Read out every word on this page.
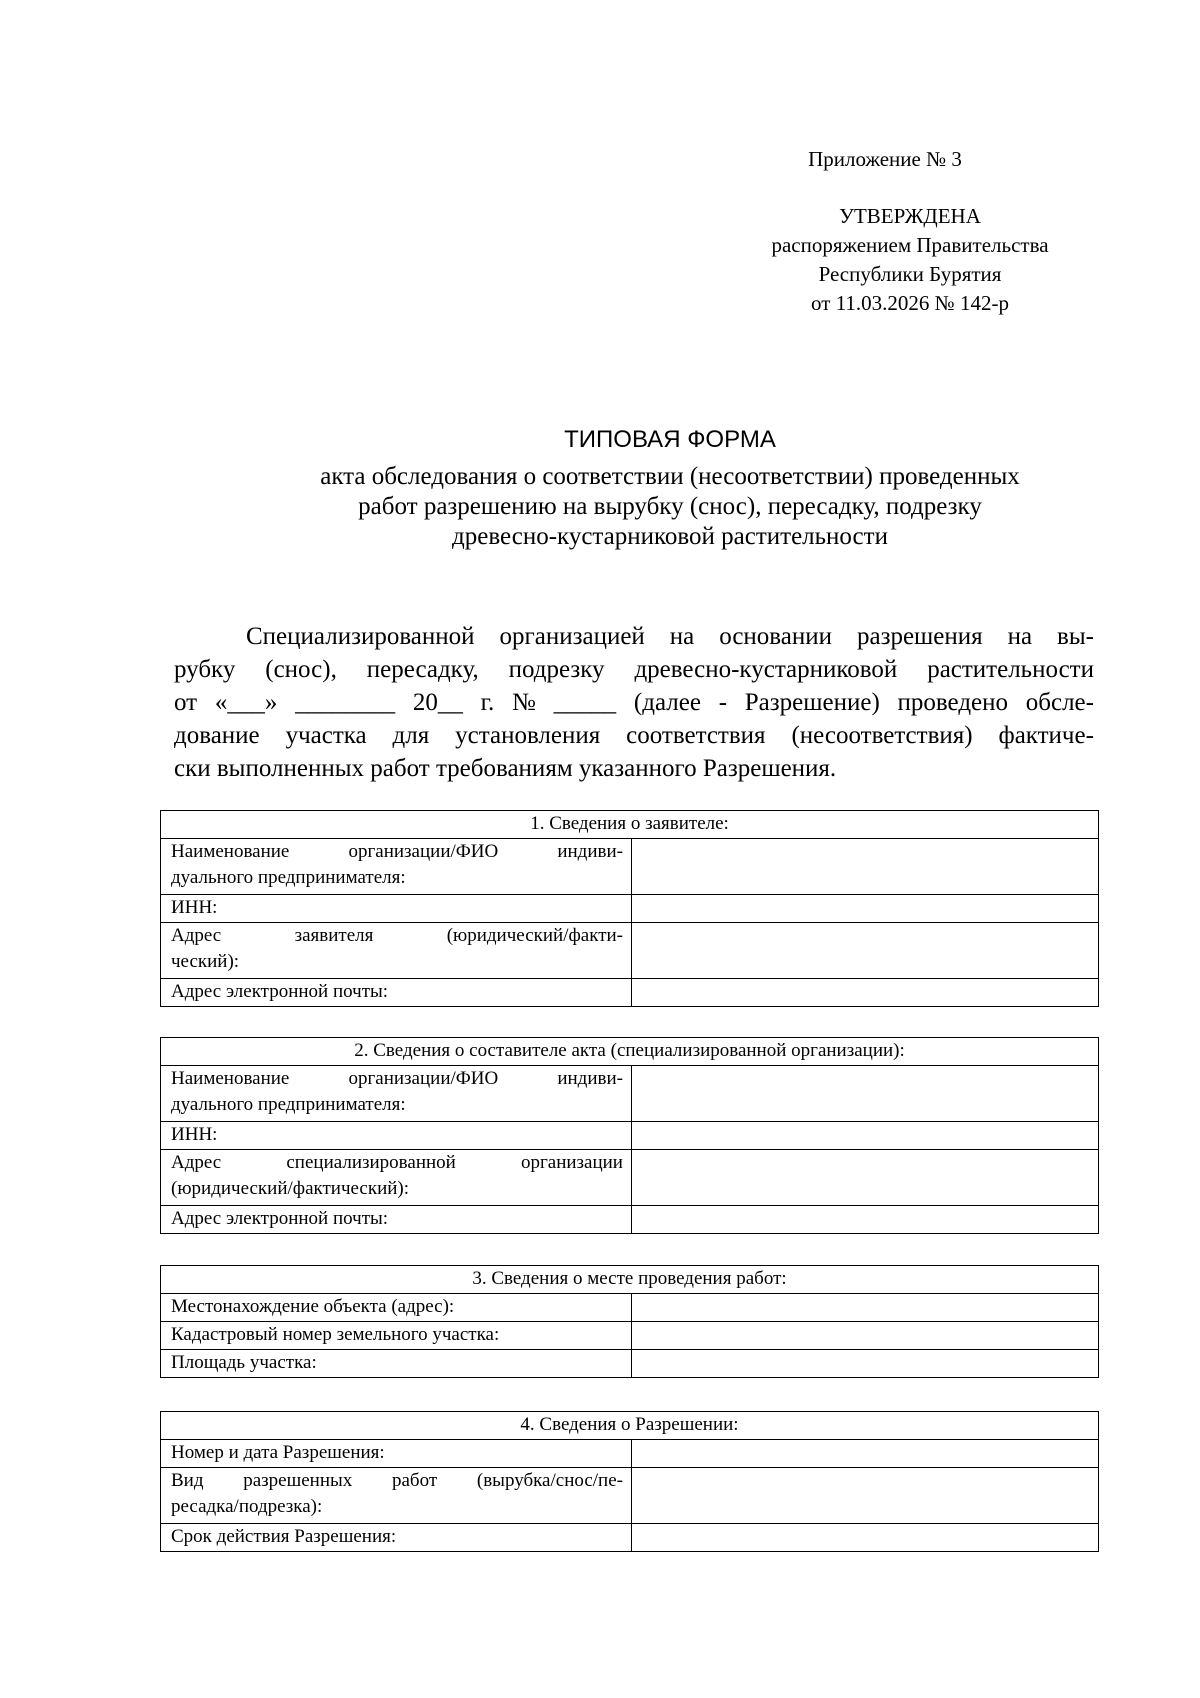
Приложение № 3
УТВЕРЖДЕНА
распоряжением Правительства
Республики Бурятия
от 11.03.2026 № 142-р
ТИПОВАЯ ФОРМА
акта обследования о соответствии (несоответствии) проведенных
работ разрешению на вырубку (снос), пересадку, подрезку
древесно-кустарниковой растительности
Специализированной организацией на основании разрешения на вы-
рубку (снос), пересадку, подрезку древесно-кустарниковой растительности
от «___» ________ 20__ г. № _____ (далее - Разрешение) проведено обсле-
дование участка для установления соответствия (несоответствия) фактиче-
ски выполненных работ требованиям указанного Разрешения.
1. Сведения о заявителе:	

Наименование организации/ФИО индиви-
дуального предпринимателя:	

ИНН:	

Адрес заявителя (юридический/факти-
ческий):	

Адрес электронной почты:	
2. Сведения о составителе акта (специализированной организации):	

Наименование организации/ФИО индиви-
дуального предпринимателя:	

ИНН:	

Адрес специализированной организации
(юридический/фактический):	

Адрес электронной почты:	
3. Сведения о месте проведения работ:	
Местонахождение объекта (адрес):	
Кадастровый номер земельного участка:	
Площадь участка:	
4. Сведения о Разрешении:	
Номер и дата Разрешения:	

Вид разрешенных работ (вырубка/снос/пе-
ресадка/подрезка):	

Срок действия Разрешения:	
